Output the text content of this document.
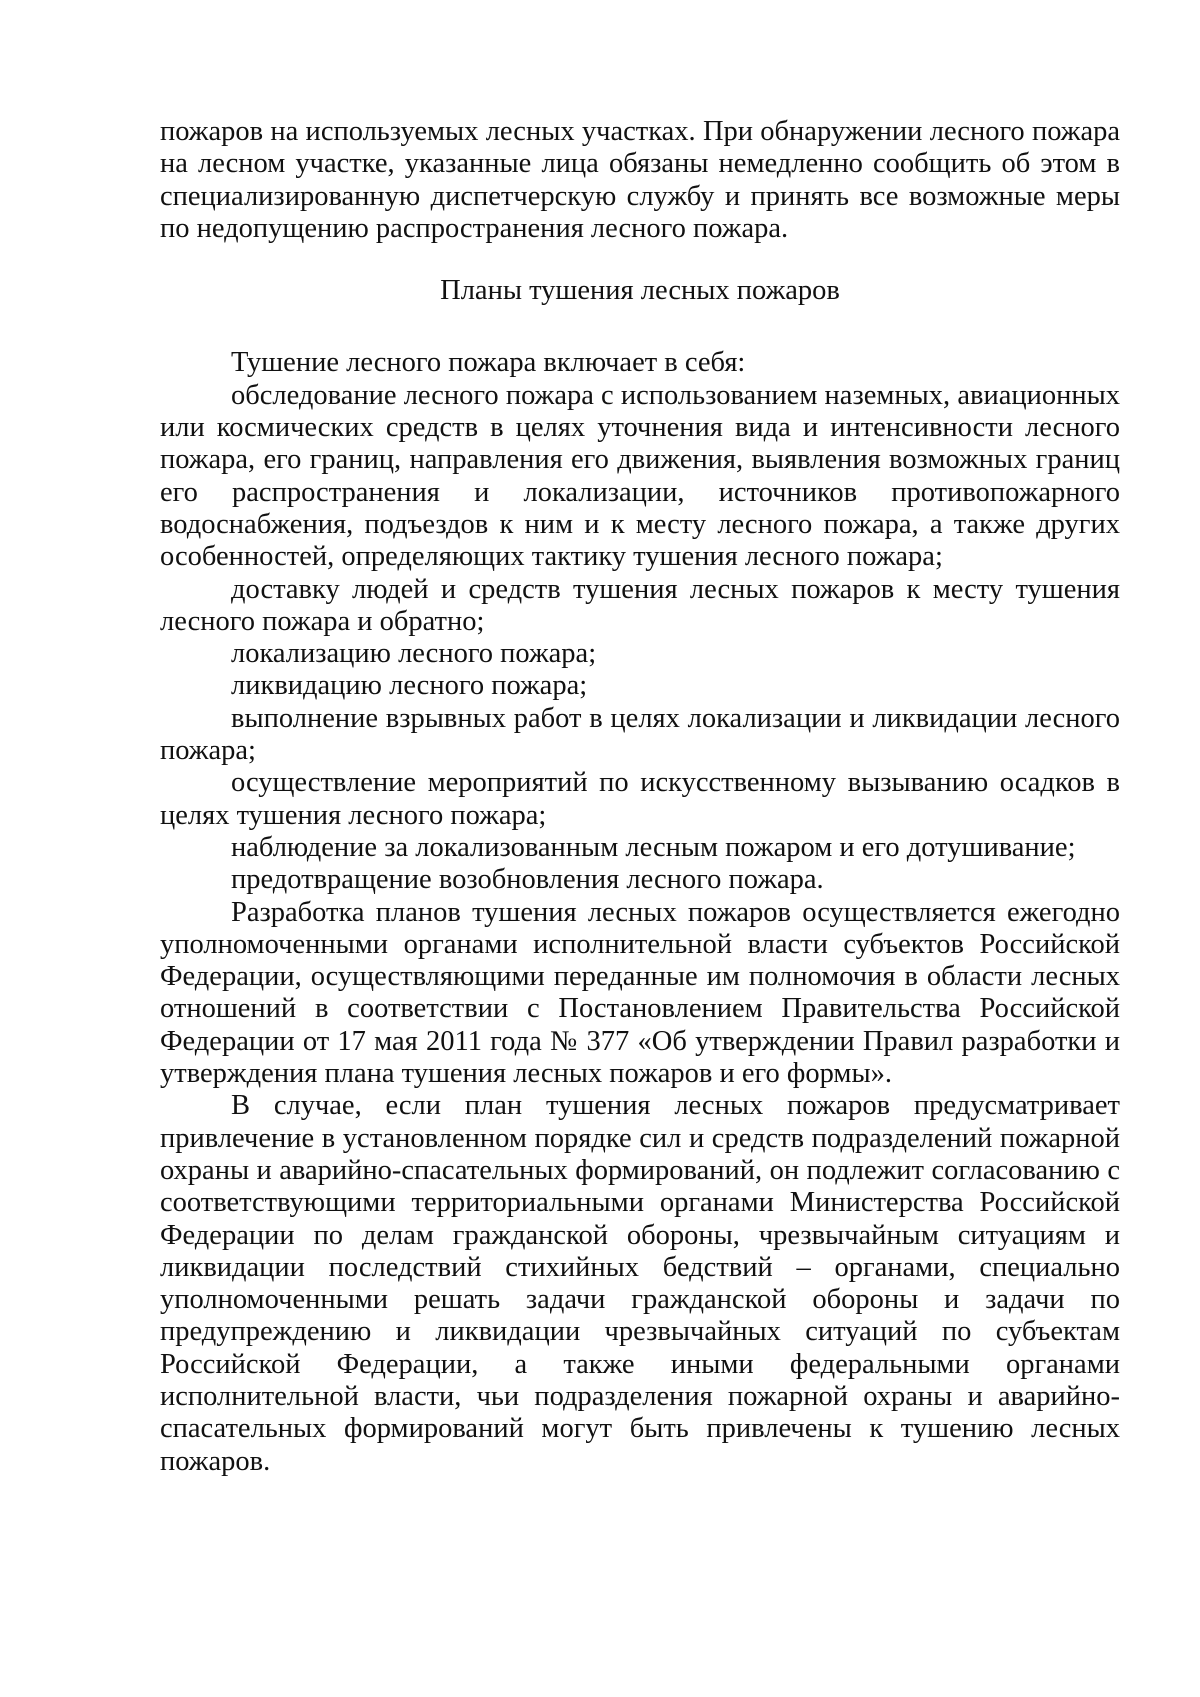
пожаров на используемых лесных участках. При обнаружении лесного пожара на лесном участке, указанные лица обязаны немедленно сообщить об этом в специализированную диспетчерскую службу и принять все возможные меры по недопущению распространения лесного пожара.

Планы тушения лесных пожаров

Тушение лесного пожара включает в себя:

обследование лесного пожара с использованием наземных, авиационных или космических средств в целях уточнения вида и интенсивности лесного пожара, его границ, направления его движения, выявления возможных границ его распространения и локализации, источников противопожарного водоснабжения, подъездов к ним и к месту лесного пожара, а также других особенностей, определяющих тактику тушения лесного пожара;

доставку людей и средств тушения лесных пожаров к месту тушения лесного пожара и обратно;

локализацию лесного пожара;

ликвидацию лесного пожара;

выполнение взрывных работ в целях локализации и ликвидации лесного пожара;

осуществление мероприятий по искусственному вызыванию осадков в целях тушения лесного пожара;

наблюдение за локализованным лесным пожаром и его дотушивание;

предотвращение возобновления лесного пожара.

Разработка планов тушения лесных пожаров осуществляется ежегодно уполномоченными органами исполнительной власти субъектов Российской Федерации, осуществляющими переданные им полномочия в области лесных отношений в соответствии с Постановлением Правительства Российской Федерации от 17 мая 2011 года № 377 «Об утверждении Правил разработки и утверждения плана тушения лесных пожаров и его формы».

В случае, если план тушения лесных пожаров предусматривает привлечение в установленном порядке сил и средств подразделений пожарной охраны и аварийно-спасательных формирований, он подлежит согласованию с соответствующими территориальными органами Министерства Российской Федерации по делам гражданской обороны, чрезвычайным ситуациям и ликвидации последствий стихийных бедствий – органами, специально уполномоченными решать задачи гражданской обороны и задачи по предупреждению и ликвидации чрезвычайных ситуаций по субъектам Российской Федерации, а также иными федеральными органами исполнительной власти, чьи подразделения пожарной охраны и аварийно-спасательных формирований могут быть привлечены к тушению лесных пожаров.
